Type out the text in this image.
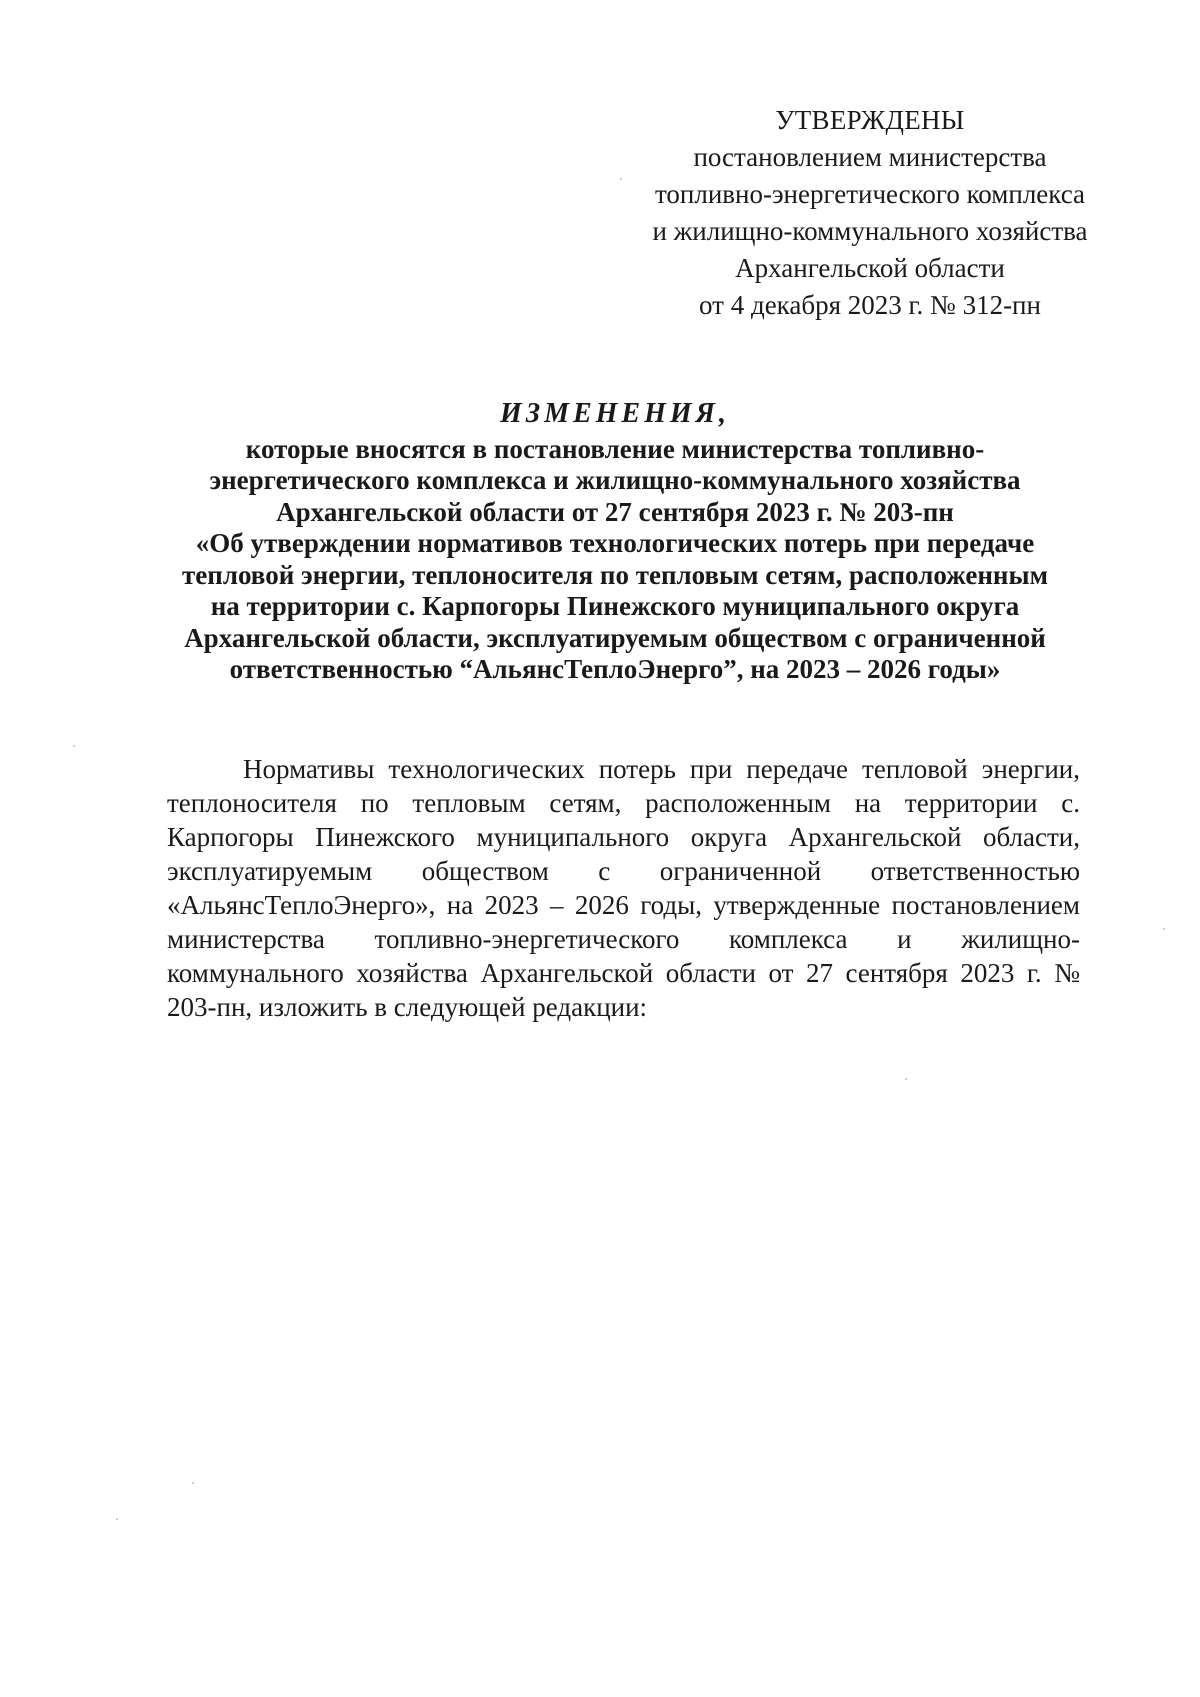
УТВЕРЖДЕНЫ
постановлением министерства
топливно-энергетического комплекса
и жилищно-коммунального хозяйства
Архангельской области
от 4 декабря 2023 г. № 312-пн
ИЗМЕНЕНИЯ,
которые вносятся в постановление министерства топливно-
энергетического комплекса и жилищно-коммунального хозяйства
Архангельской области от 27 сентября 2023 г. № 203-пн
«Об утверждении нормативов технологических потерь при передаче
тепловой энергии, теплоносителя по тепловым сетям, расположенным
на территории с. Карпогоры Пинежского муниципального округа
Архангельской области, эксплуатируемым обществом с ограниченной
ответственностью “АльянсТеплоЭнерго”, на 2023 – 2026 годы»
Нормативы технологических потерь при передаче тепловой энергии, теплоносителя по тепловым сетям, расположенным на территории с. Карпогоры Пинежского муниципального округа Архангельской области, эксплуатируемым обществом с ограниченной ответственностью «АльянсТеплоЭнерго», на 2023 – 2026 годы, утвержденные постановлением министерства топливно-энергетического комплекса и жилищно-коммунального хозяйства Архангельской области от 27 сентября 2023 г. № 203-пн, изложить в следующей редакции:
